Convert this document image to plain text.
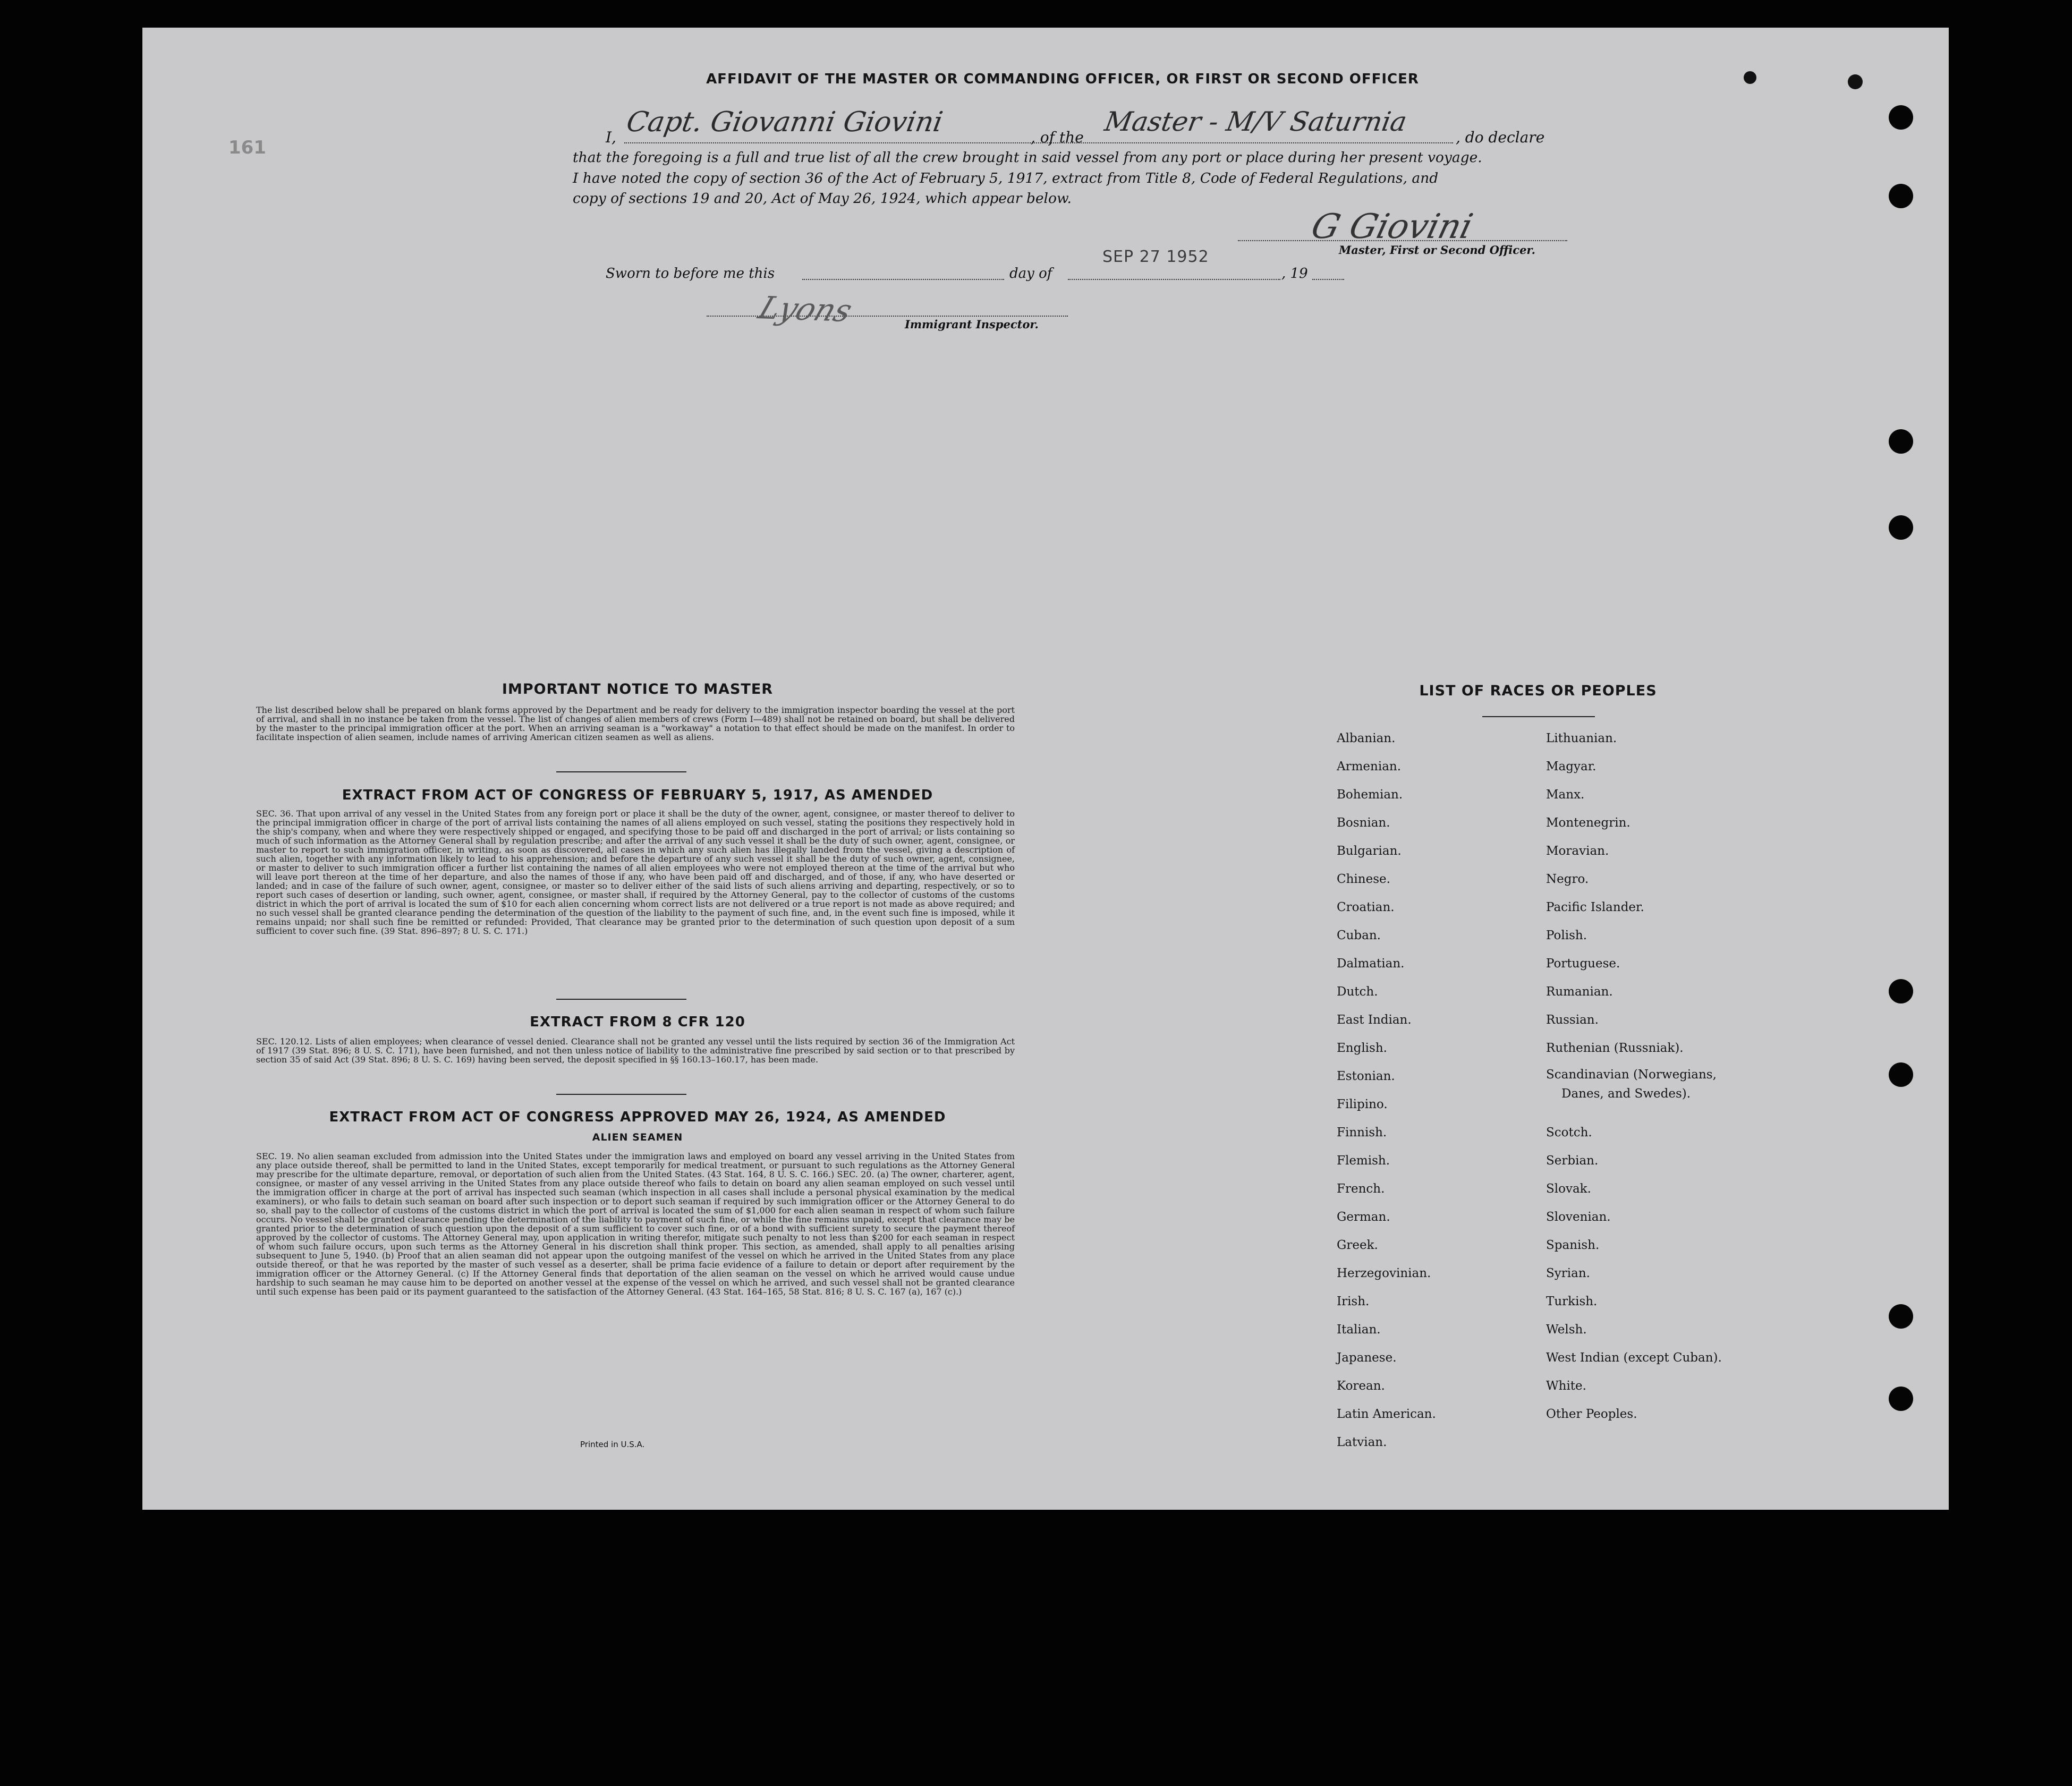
161
AFFIDAVIT OF THE MASTER OR COMMANDING OFFICER, OR FIRST OR SECOND OFFICER
I, Capt. Giovanni Giovini	, of the
Master - M/V Saturnia
, do declare
that the foregoing is a full and true list of all the crew brought in said vessel from any port or place during her present voyage.
I have noted the copy of section 36 of the Act of February 5, 1917, extract from Title 8, Code of Federal Regulations, and
copy of sections 19 and 20, Act of May 26, 1924, which appear below.
G Giovini
Master, First or Second Officer.
Sworn to before me this	day of
SEP 27 1952
, 19
Lyons	Immigrant Inspector.
IMPORTANT NOTICE TO MASTER
The list described below shall be prepared on blank forms approved by the Department and be ready for delivery to the immigration inspector boarding the vessel at the port of arrival, and shall in no instance be taken from the vessel. The list of changes of alien members of crews (Form I—489) shall not be retained on board, but shall be delivered by the master to the principal immigration officer at the port. When an arriving seaman is a "workaway" a notation to that effect should be made on the manifest. In order to facilitate inspection of alien seamen, include names of arriving American citizen seamen as well as aliens.
EXTRACT FROM ACT OF CONGRESS OF FEBRUARY 5, 1917, AS AMENDED
SEC. 36. That upon arrival of any vessel in the United States from any foreign port or place it shall be the duty of the owner, agent, consignee, or master thereof to deliver to the principal immigration officer in charge of the port of arrival lists containing the names of all aliens employed on such vessel, stating the positions they respectively hold in the ship's company, when and where they were respectively shipped or engaged, and specifying those to be paid off and discharged in the port of arrival; or lists containing so much of such information as the Attorney General shall by regulation prescribe; and after the arrival of any such vessel it shall be the duty of such owner, agent, consignee, or master to report to such immigration officer, in writing, as soon as discovered, all cases in which any such alien has illegally landed from the vessel, giving a description of such alien, together with any information likely to lead to his apprehension; and before the departure of any such vessel it shall be the duty of such owner, agent, consignee, or master to deliver to such immigration officer a further list containing the names of all alien employees who were not employed thereon at the time of the arrival but who will leave port thereon at the time of her departure, and also the names of those if any, who have been paid off and discharged, and of those, if any, who have deserted or landed; and in case of the failure of such owner, agent, consignee, or master so to deliver either of the said lists of such aliens arriving and departing, respectively, or so to report such cases of desertion or landing, such owner, agent, consignee, or master shall, if required by the Attorney General, pay to the collector of customs of the customs district in which the port of arrival is located the sum of $10 for each alien concerning whom correct lists are not delivered or a true report is not made as above required; and no such vessel shall be granted clearance pending the determination of the question of the liability to the payment of such fine, and, in the event such fine is imposed, while it remains unpaid; nor shall such fine be remitted or refunded: Provided, That clearance may be granted prior to the determination of such question upon deposit of a sum sufficient to cover such fine. (39 Stat. 896–897; 8 U. S. C. 171.)
EXTRACT FROM 8 CFR 120
SEC. 120.12. Lists of alien employees; when clearance of vessel denied. Clearance shall not be granted any vessel until the lists required by section 36 of the Immigration Act of 1917 (39 Stat. 896; 8 U. S. C. 171), have been furnished, and not then unless notice of liability to the administrative fine prescribed by said section or to that prescribed by section 35 of said Act (39 Stat. 896; 8 U. S. C. 169) having been served, the deposit specified in §§ 160.13–160.17, has been made.
EXTRACT FROM ACT OF CONGRESS APPROVED MAY 26, 1924, AS AMENDED
ALIEN SEAMEN
SEC. 19. No alien seaman excluded from admission into the United States under the immigration laws and employed on board any vessel arriving in the United States from any place outside thereof, shall be permitted to land in the United States, except temporarily for medical treatment, or pursuant to such regulations as the Attorney General may prescribe for the ultimate departure, removal, or deportation of such alien from the United States. (43 Stat. 164, 8 U. S. C. 166.) SEC. 20. (a) The owner, charterer, agent, consignee, or master of any vessel arriving in the United States from any place outside thereof who fails to detain on board any alien seaman employed on such vessel until the immigration officer in charge at the port of arrival has inspected such seaman (which inspection in all cases shall include a personal physical examination by the medical examiners), or who fails to detain such seaman on board after such inspection or to deport such seaman if required by such immigration officer or the Attorney General to do so, shall pay to the collector of customs of the customs district in which the port of arrival is located the sum of $1,000 for each alien seaman in respect of whom such failure occurs. No vessel shall be granted clearance pending the determination of the liability to payment of such fine, or while the fine remains unpaid, except that clearance may be granted prior to the determination of such question upon the deposit of a sum sufficient to cover such fine, or of a bond with sufficient surety to secure the payment thereof approved by the collector of customs. The Attorney General may, upon application in writing therefor, mitigate such penalty to not less than $200 for each seaman in respect of whom such failure occurs, upon such terms as the Attorney General in his discretion shall think proper. This section, as amended, shall apply to all penalties arising subsequent to June 5, 1940. (b) Proof that an alien seaman did not appear upon the outgoing manifest of the vessel on which he arrived in the United States from any place outside thereof, or that he was reported by the master of such vessel as a deserter, shall be prima facie evidence of a failure to detain or deport after requirement by the immigration officer or the Attorney General. (c) If the Attorney General finds that deportation of the alien seaman on the vessel on which he arrived would cause undue hardship to such seaman he may cause him to be deported on another vessel at the expense of the vessel on which he arrived, and such vessel shall not be granted clearance until such expense has been paid or its payment guaranteed to the satisfaction of the Attorney General. (43 Stat. 164–165, 58 Stat. 816; 8 U. S. C. 167 (a), 167 (c).)
Printed in U.S.A.
LIST OF RACES OR PEOPLES
Albanian.
Armenian.
Bohemian.
Bosnian.
Bulgarian.
Chinese.
Croatian.
Cuban.
Dalmatian.
Dutch.
East Indian.
English.
Estonian.
Filipino.
Finnish.
Flemish.
French.
German.
Greek.
Herzegovinian.
Irish.
Italian.
Japanese.
Korean.
Latin American.
Latvian.
Lithuanian.
Magyar.
Manx.
Montenegrin.
Moravian.
Negro.
Pacific Islander.
Polish.
Portuguese.
Rumanian.
Russian.
Ruthenian (Russniak).
Scandinavian (Norwegians,
Scotch.
Serbian.
Slovak.
Slovenian.
Spanish.
Syrian.
Turkish.
Welsh.
West Indian (except Cuban).
White.
Other Peoples.
Danes, and Swedes).
